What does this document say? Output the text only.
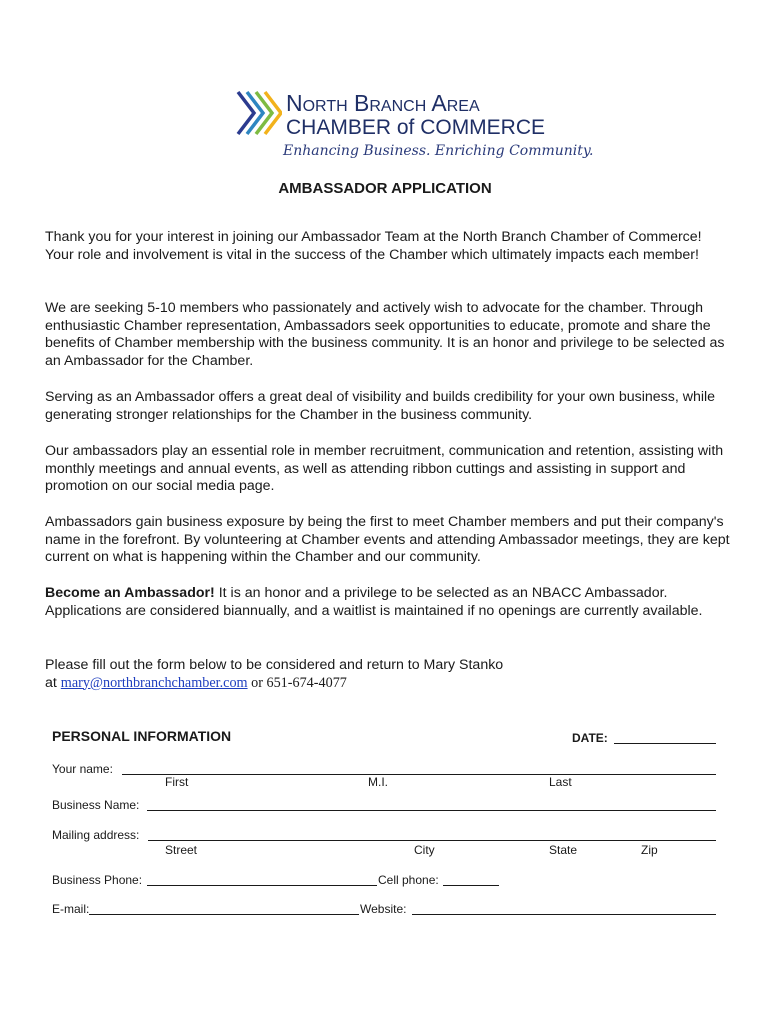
North Branch Area
CHAMBER of COMMERCE
Enhancing Business. Enriching Community.
AMBASSADOR APPLICATION

Thank you for your interest in joining our Ambassador Team at the North Branch Chamber of Commerce! Your role and involvement is vital in the success of the Chamber which ultimately impacts each member!

We are seeking 5-10 members who passionately and actively wish to advocate for the chamber. Through enthusiastic Chamber representation, Ambassadors seek opportunities to educate, promote and share the benefits of Chamber membership with the business community. It is an honor and privilege to be selected as an Ambassador for the Chamber.

Serving as an Ambassador offers a great deal of visibility and builds credibility for your own business, while generating stronger relationships for the Chamber in the business community.

Our ambassadors play an essential role in member recruitment, communication and retention, assisting with monthly meetings and annual events, as well as attending ribbon cuttings and assisting in support and promotion on our social media page.

Ambassadors gain business exposure by being the first to meet Chamber members and put their company's name in the forefront. By volunteering at Chamber events and attending Ambassador meetings, they are kept current on what is happening within the Chamber and our community.

Become an Ambassador! It is an honor and a privilege to be selected as an NBACC Ambassador. Applications are considered biannually, and a waitlist is maintained if no openings are currently available.

Please fill out the form below to be considered and return to Mary Stanko
at mary@northbranchchamber.com or 651-674-4077

PERSONAL INFORMATION	DATE:
Your name:
First	M.I.	Last
Business Name:
Mailing address:
Street	City	State	Zip
Business Phone:	Cell phone:
E-mail:	Website:
